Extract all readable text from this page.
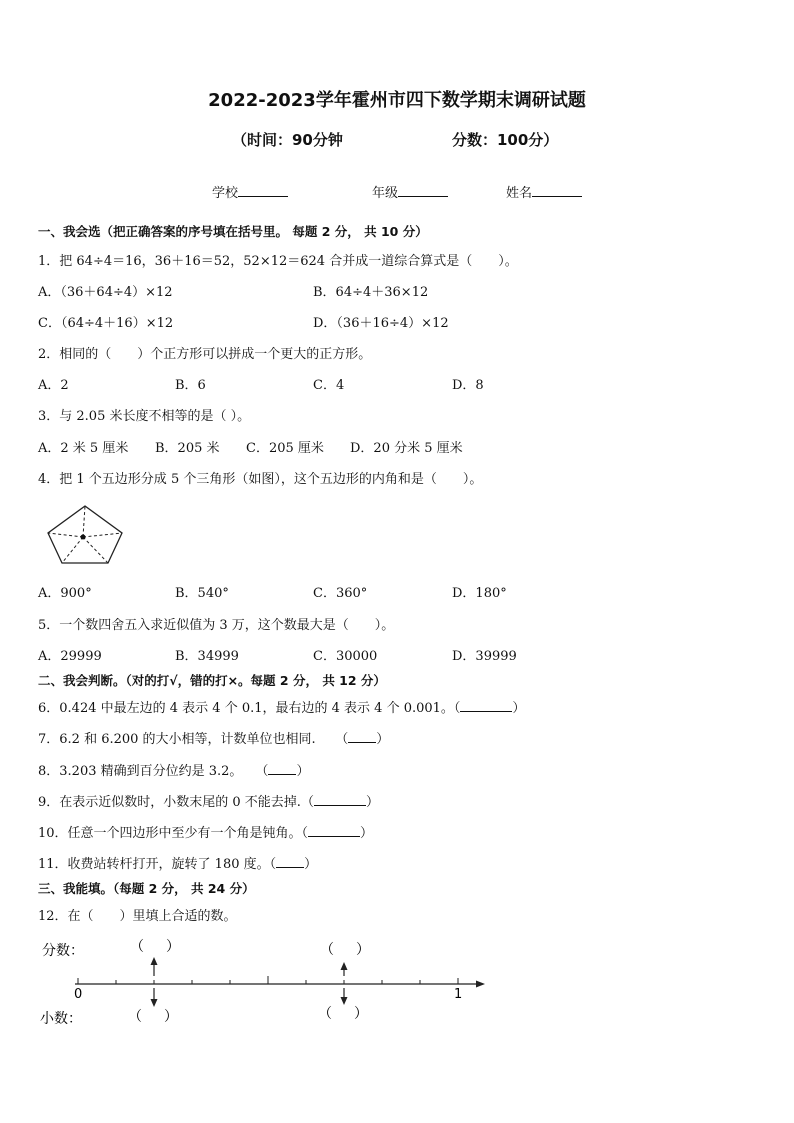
2022-2023学年霍州市四下数学期末调研试题
（时间：90分钟	分数：100分）
学校	年级	姓名
一、我会选（把正确答案的序号填在括号里。 每题 2 分， 共 10 分）
1．把 64÷4＝16，36＋16＝52，52×12＝624 合并成一道综合算式是（　　）。
A．（36＋64÷4）×12	B．64÷4＋36×12
C．（64÷4＋16）×12	D．（36＋16÷4）×12
2．相同的（　　）个正方形可以拼成一个更大的正方形。
A．2	B．6	C．4	D．8
3．与 2.05 米长度不相等的是（ ）。
A．2 米 5 厘米 B．205 米 C．205 厘米 D．20 分米 5 厘米
4．把 1 个五边形分成 5 个三角形（如图），这个五边形的内角和是（　　）。
A．900°	B．540°	C．360°	D．180°
5．一个数四舍五入求近似值为 3 万，这个数最大是（　　）。
A．29999	B．34999	C．30000	D．39999
二、我会判断。（对的打√，错的打×。每题 2 分， 共 12 分）
6．0.424 中最左边的 4 表示 4 个 0.1，最右边的 4 表示 4 个 0.001。（	）
7．6.2 和 6.200 的大小相等，计数单位也相同.　　（ ）
8．3.203 精确到百分位约是 3.2。　　（ ）
9．在表示近似数时，小数末尾的 0 不能去掉.（	）
10．任意一个四边形中至少有一个角是钝角。（	）
11．收费站转杆打开，旋转了 180 度。（ ）
三、我能填。（每题 2 分， 共 24 分）
12．在（　　）里填上合适的数。
分数：
小数：
0	1
（ ）
（ ）
（ ）
（ ）
